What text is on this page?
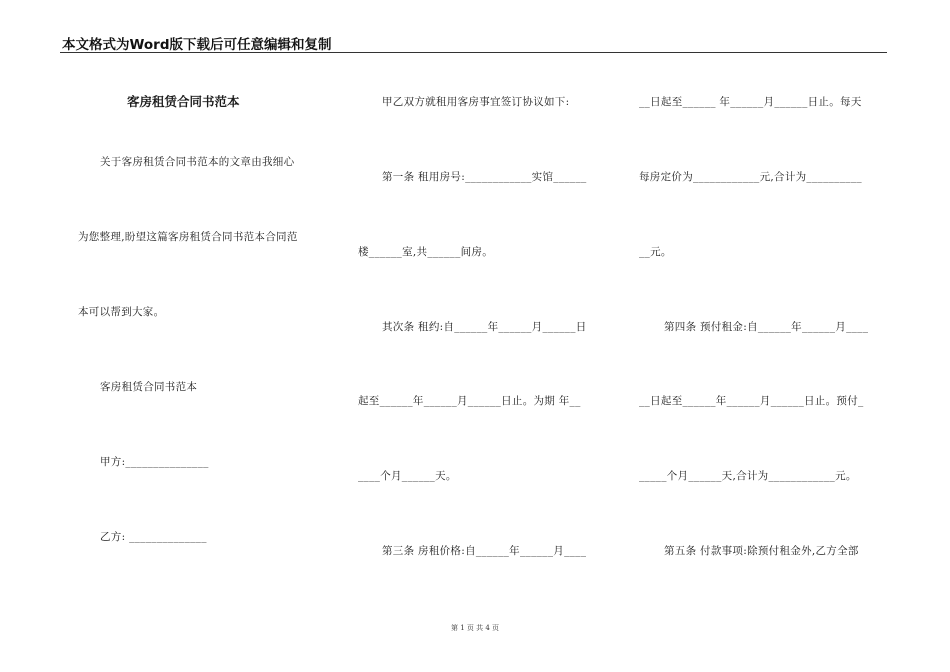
本文格式为Word版下载后可任意编辑和复制
客房租赁合同书范本
关于客房租赁合同书范本的文章由我细心
为您整理,盼望这篇客房租赁合同书范本合同范
本可以帮到大家。
客房租赁合同书范本
甲方:_______________
乙方: ______________
甲乙双方就租用客房事宜签订协议如下:
第一条 租用房号:____________实馆______
楼______室,共______间房。
其次条 租约:自______年______月______日
起至______年______月______日止。为期 年__
____个月______天。
第三条 房租价格:自______年______月____
__日起至______ 年______月______日止。每天
每房定价为____________元,合计为__________
__元。
第四条 预付租金:自______年______月____
__日起至______年______月______日止。预付_
_____个月______天,合计为____________元。
第五条 付款事项:除预付租金外,乙方全部
第 1 页 共 4 页
